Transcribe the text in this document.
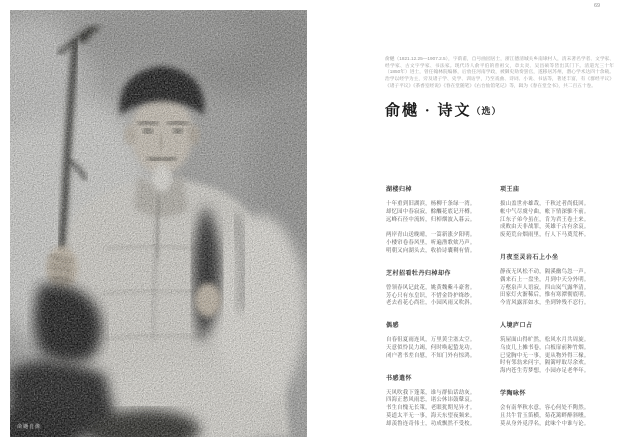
俞樾肖像
69
俞樾（1821.12.25—1907.2.5），字荫甫，自号曲园居士，浙江德清城关乡南埭村人，清末著名学者、文学家、经学家、古文字学家、书法家。现代诗人俞平伯的曾祖父，章太炎、吴昌硕等皆出其门下。清道光三十年（1850年）进士，曾任翰林院编修，后放任河南学政，被御史劾奏罢官，遂移居苏州，潜心学术达四十余载。治学以经学为主，旁及诸子学、史学、训诂学，乃至戏曲、诗词、小说、书法等，著述丰富，有《群经平议》《诸子平议》《茶香室经说》《春在堂随笔》《右台仙馆笔记》等，辑为《春在堂全书》，共二百五十卷。
俞樾 · 诗文（选）
湖楼归棹
十年重到旧湖滨，杨柳千条绿一湾。
却忆园中春寂寂，酴醾花底记开樽。
远峰石径中流转，归棹烟波入暮云。
两岸青山送晚晴，一篙新涨夕阳明。
小楼帘卷春风里，听遍渔歌欸乃声。
明朝又向湖头去，收拾诗囊剩有情。
芝村招看牡丹归棹却作
曾领春风记此花，姚黄魏紫斗豪奢。
芳心只有东皇识，不惜金铃护绛纱。
老去看花心尚壮，小园风雨又吹斜。
偶感
自春徂夏雨连风，万里黄尘塞太空。
天意似怜民力竭，何时唤起蛰龙功。
闭户著书差自慰，不知门外有惊鸿。
书感遣怀
天风吹我下蓬莱，谁与群仙话劫灰。
四海正愁风雨恶，诸公休讳鼓鼙哀。
书生自愧无长策，老眼犹期见异才。
莫道太平无一事，海天东望夜频来。
却羡鲁连奇伟士，功成飘然不受枚。
项王庙
拔山盖世亦雄哉，千秋过者尚低回。
帐中气尽虞兮曲，帐下情深骓不前。
江东子弟今虽在，肯为君王卷土来。
成败由天非战罪，英雄千古有余哀。
废苑荒台烟雨里，行人下马奠荒杯。
月夜至灵岩石上小坐
静夜无风松不动，隔溪幽鸟忽一声。
偶来石上一盘坐，月到中天分外明。
万壑泉声人语寂，四山岚气露华清。
田家灯火渐稀后，惟有寒潭彻底明。
今宵风露浑如水，坐到钟残不忍行。
人境庐口占
筑屋面山得旷然，松风水月共周旋。
乌皮几上摊书卷，白板扉前种竹烟。
已觉胸中无一事，更从物外得三椽。
时有邻翁来问字，隔篱呼取尽余欢。
海内苍生劳梦想，小园亦足老华年。
学陶咏怀
会有南华秋水意，容心何处不陶然。
且共牛背玉笛横，菊花篱畔醉斜曛。
莫从身外觅浮名，此味个中谁与论。
